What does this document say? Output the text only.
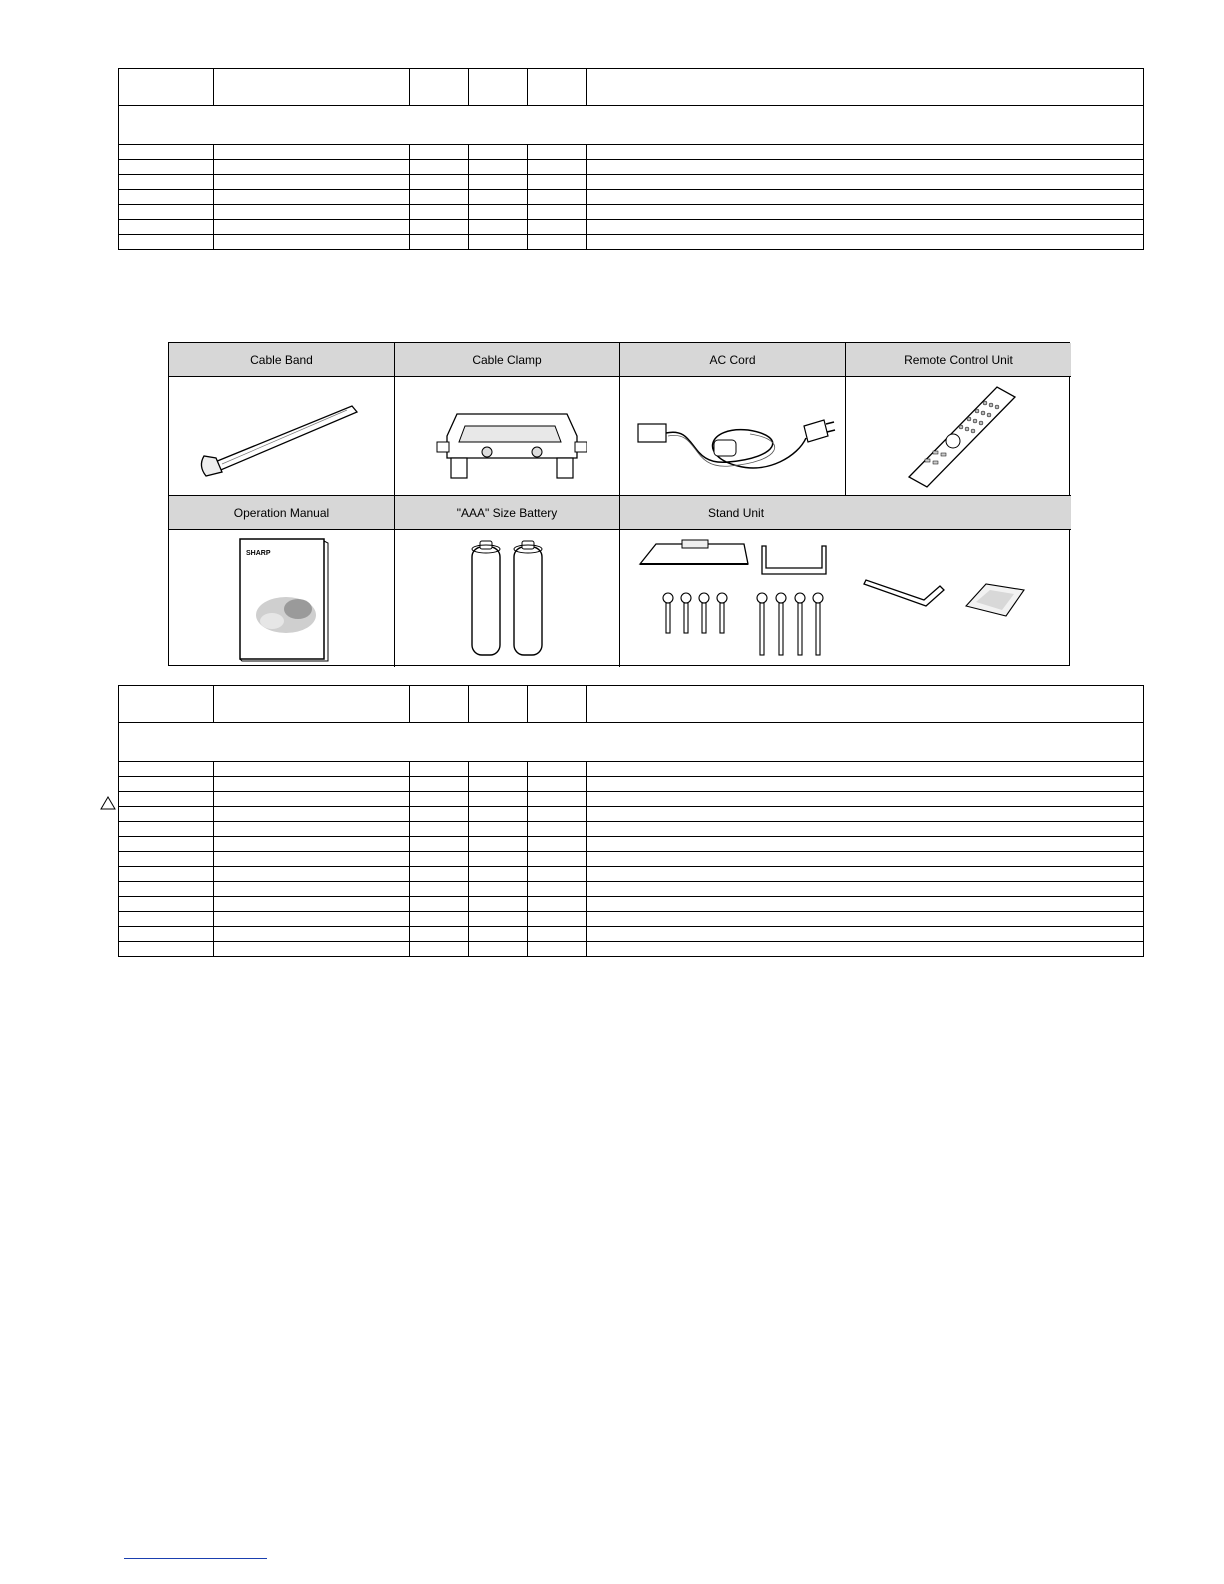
Cable Band	Cable Clamp	AC Cord	Remote Control Unit
Operation Manual
SHARP
"AAA" Size Battery	Stand Unit
